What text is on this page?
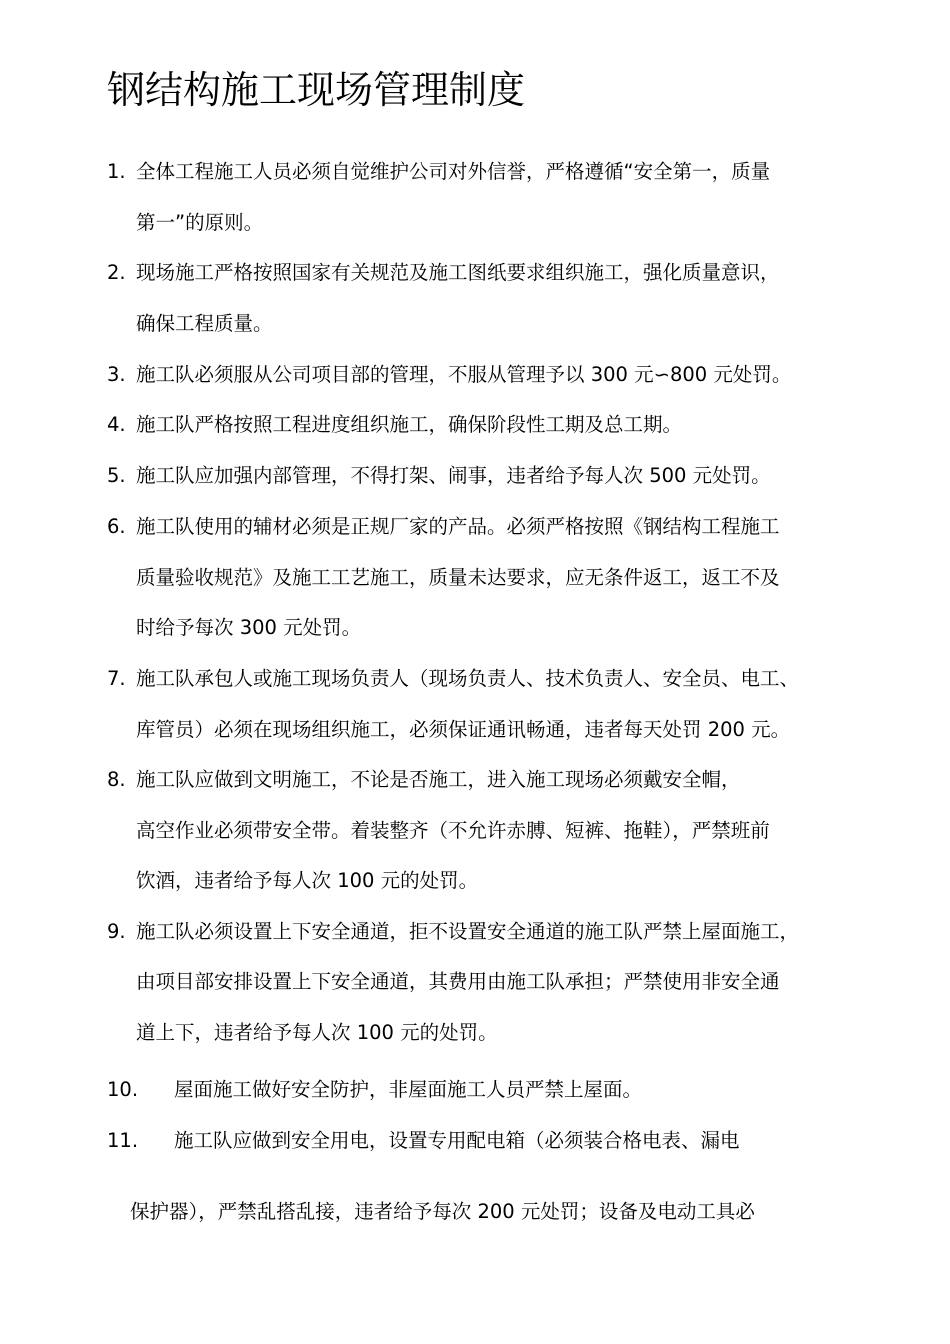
钢结构施工现场管理制度
1. 全体工程施工人员必须自觉维护公司对外信誉，严格遵循“安全第一，质量
第一”的原则。
2. 现场施工严格按照国家有关规范及施工图纸要求组织施工，强化质量意识，
确保工程质量。
3. 施工队必须服从公司项目部的管理，不服从管理予以 300 元∽800 元处罚。
4. 施工队严格按照工程进度组织施工，确保阶段性工期及总工期。
5. 施工队应加强内部管理，不得打架、闹事，违者给予每人次 500 元处罚。
6. 施工队使用的辅材必须是正规厂家的产品。必须严格按照《钢结构工程施工
质量验收规范》及施工工艺施工，质量未达要求，应无条件返工，返工不及
时给予每次 300 元处罚。
7. 施工队承包人或施工现场负责人（现场负责人、技术负责人、安全员、电工、
库管员）必须在现场组织施工，必须保证通讯畅通，违者每天处罚 200 元。
8. 施工队应做到文明施工，不论是否施工，进入施工现场必须戴安全帽，
高空作业必须带安全带。着装整齐（不允许赤膊、短裤、拖鞋），严禁班前
饮酒，违者给予每人次 100 元的处罚。
9. 施工队必须设置上下安全通道，拒不设置安全通道的施工队严禁上屋面施工，
由项目部安排设置上下安全通道，其费用由施工队承担；严禁使用非安全通
道上下，违者给予每人次 100 元的处罚。
10. 屋面施工做好安全防护，非屋面施工人员严禁上屋面。
11. 施工队应做到安全用电，设置专用配电箱（必须装合格电表、漏电
保护器），严禁乱搭乱接，违者给予每次 200 元处罚；设备及电动工具必
